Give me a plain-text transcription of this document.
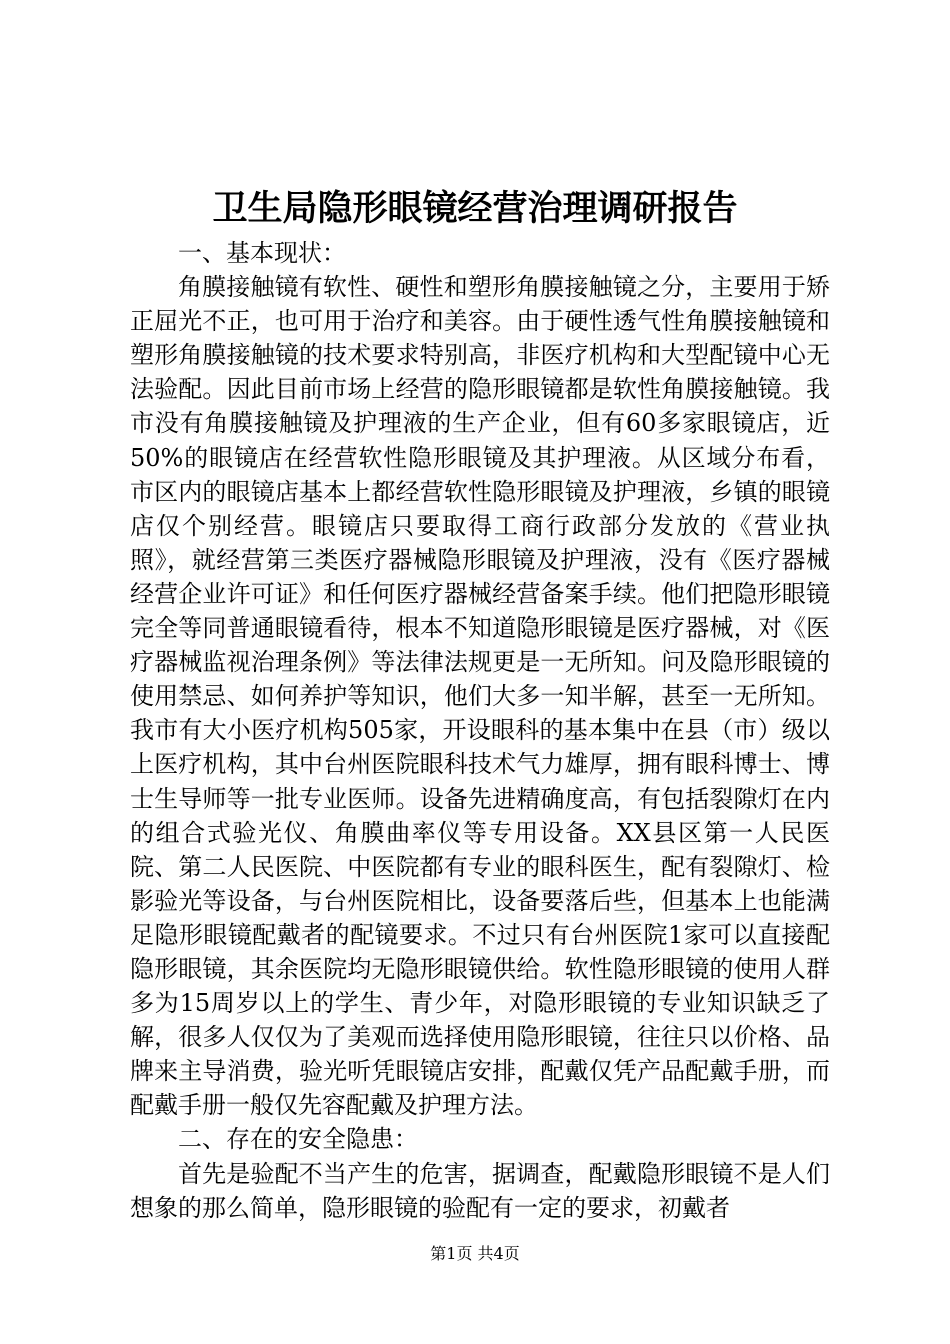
卫生局隐形眼镜经营治理调研报告

一、基本现状：

角膜接触镜有软性、硬性和塑形角膜接触镜之分，主要用于矫正屈光不正，也可用于治疗和美容。由于硬性透气性角膜接触镜和塑形角膜接触镜的技术要求特别高，非医疗机构和大型配镜中心无法验配。因此目前市场上经营的隐形眼镜都是软性角膜接触镜。我市没有角膜接触镜及护理液的生产企业，但有60多家眼镜店，近50%的眼镜店在经营软性隐形眼镜及其护理液。从区域分布看，市区内的眼镜店基本上都经营软性隐形眼镜及护理液，乡镇的眼镜店仅个别经营。眼镜店只要取得工商行政部分发放的《营业执照》，就经营第三类医疗器械隐形眼镜及护理液，没有《医疗器械经营企业许可证》和任何医疗器械经营备案手续。他们把隐形眼镜完全等同普通眼镜看待，根本不知道隐形眼镜是医疗器械，对《医疗器械监视治理条例》等法律法规更是一无所知。问及隐形眼镜的使用禁忌、如何养护等知识，他们大多一知半解，甚至一无所知。我市有大小医疗机构505家，开设眼科的基本集中在县（市）级以上医疗机构，其中台州医院眼科技术气力雄厚，拥有眼科博士、博士生导师等一批专业医师。设备先进精确度高，有包括裂隙灯在内的组合式验光仪、角膜曲率仪等专用设备。XX县区第一人民医院、第二人民医院、中医院都有专业的眼科医生，配有裂隙灯、检影验光等设备，与台州医院相比，设备要落后些，但基本上也能满足隐形眼镜配戴者的配镜要求。不过只有台州医院1家可以直接配隐形眼镜，其余医院均无隐形眼镜供给。软性隐形眼镜的使用人群多为15周岁以上的学生、青少年，对隐形眼镜的专业知识缺乏了解，很多人仅仅为了美观而选择使用隐形眼镜，往往只以价格、品牌来主导消费，验光听凭眼镜店安排，配戴仅凭产品配戴手册，而配戴手册一般仅先容配戴及护理方法。

二、存在的安全隐患：

首先是验配不当产生的危害，据调查，配戴隐形眼镜不是人们想象的那么简单，隐形眼镜的验配有一定的要求，初戴者

第1页 共4页
